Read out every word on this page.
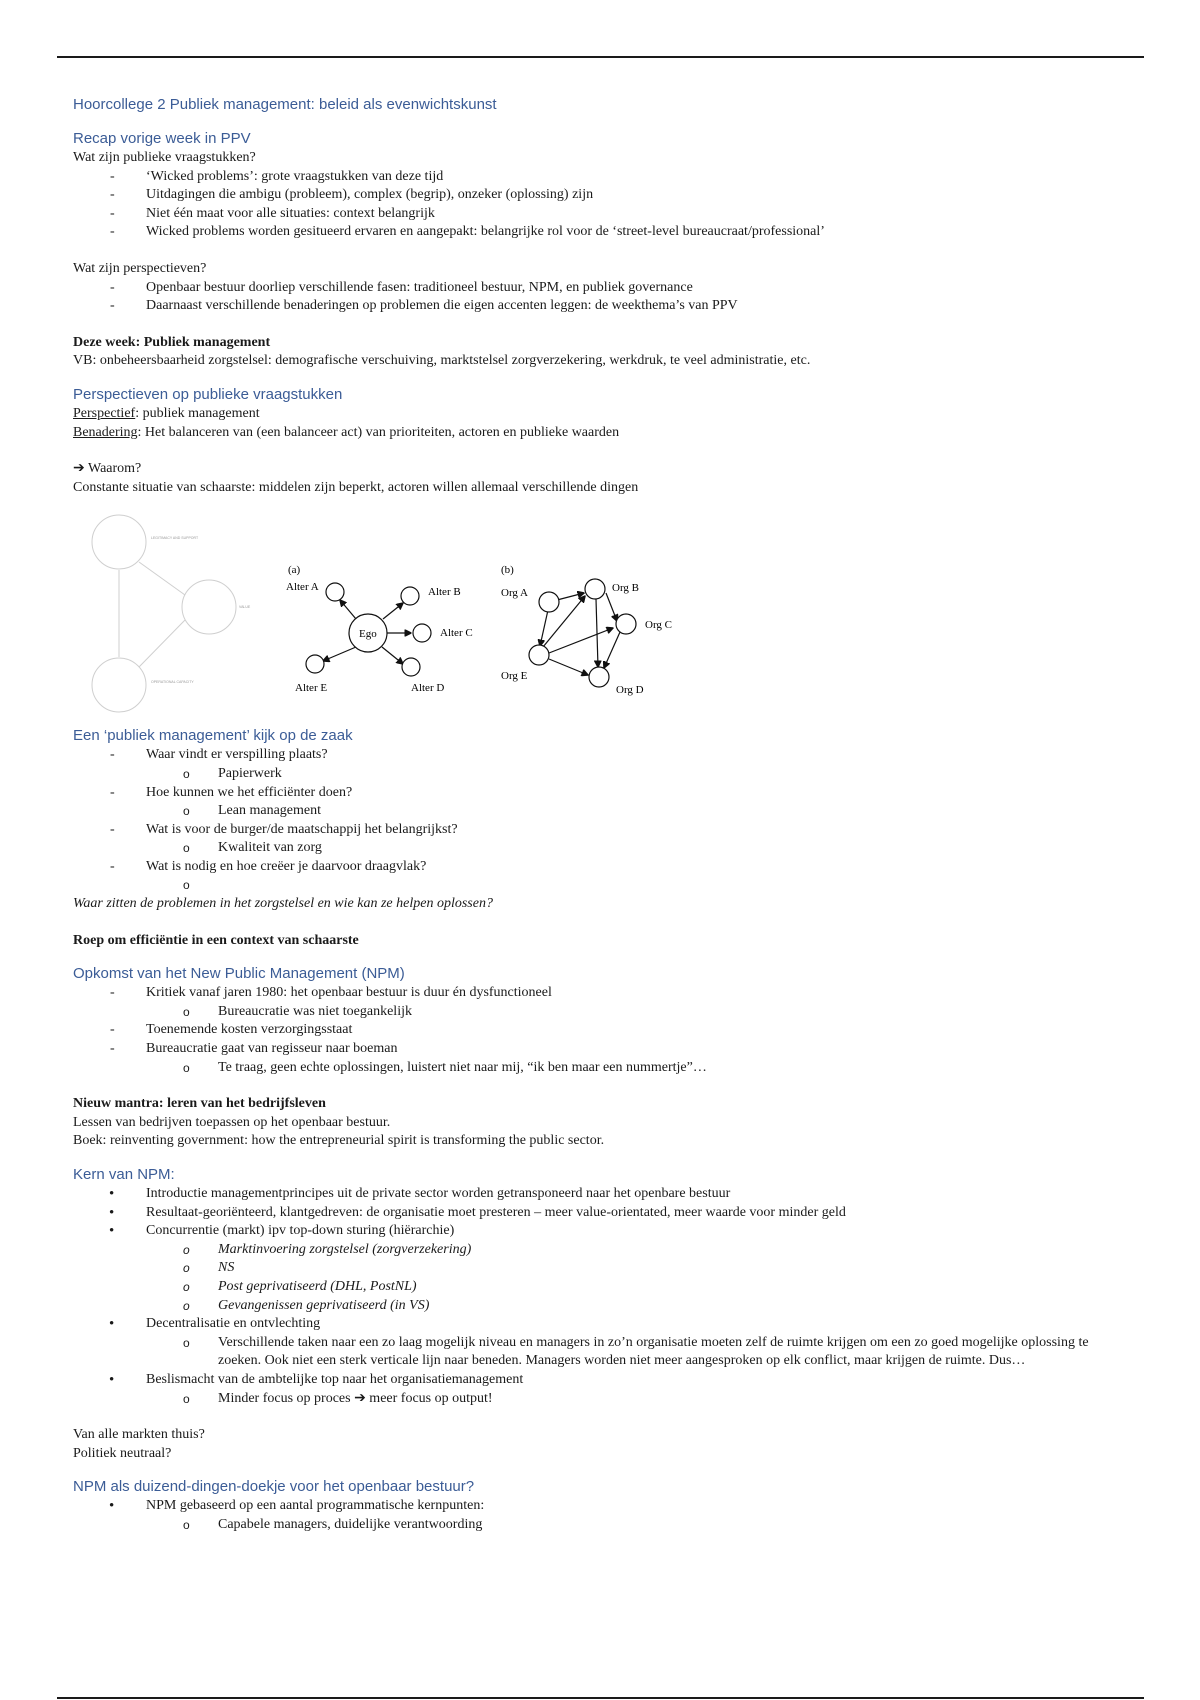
Hoorcollege 2 Publiek management: beleid als evenwichtskunst
Recap vorige week in PPV

Wat zijn publieke vraagstukken?

- ‘Wicked problems’: grote vraagstukken van deze tijd
- Uitdagingen die ambigu (probleem), complex (begrip), onzeker (oplossing) zijn
- Niet één maat voor alle situaties: context belangrijk
- Wicked problems worden gesitueerd ervaren en aangepakt: belangrijke rol voor de ‘street-level bureaucraat/professional’

Wat zijn perspectieven?

- Openbaar bestuur doorliep verschillende fasen: traditioneel bestuur, NPM, en publiek governance
- Daarnaast verschillende benaderingen op problemen die eigen accenten leggen: de weekthema’s van PPV

Deze week: Publiek management

VB: onbeheersbaarheid zorgstelsel: demografische verschuiving, marktstelsel zorgverzekering, werkdruk, te veel administratie, etc.

Perspectieven op publieke vraagstukken

Perspectief: publiek management

Benadering: Het balanceren van (een balanceer act) van prioriteiten, actoren en publieke waarden

➔ Waarom?

Constante situatie van schaarste: middelen zijn beperkt, actoren willen allemaal verschillende dingen

LEGITIMACY AND SUPPORT
VALUE
OPERATIONAL CAPACITY
(a)
Ego
Alter A	Alter B
Alter C
Alter D
Alter E
(b)
Org A	Org B
Org C
Org D
Org E
Een ‘publiek management’ kijk op de zaak
- Waar vindt er verspilling plaats?
o Papierwerk
- Hoe kunnen we het efficiënter doen?
o Lean management
- Wat is voor de burger/de maatschappij het belangrijkst?
o Kwaliteit van zorg
- Wat is nodig en hoe creëer je daarvoor draagvlak?
o

Waar zitten de problemen in het zorgstelsel en wie kan ze helpen oplossen?

Roep om efficiëntie in een context van schaarste

Opkomst van het New Public Management (NPM)
- Kritiek vanaf jaren 1980: het openbaar bestuur is duur én dysfunctioneel
o Bureaucratie was niet toegankelijk
- Toenemende kosten verzorgingsstaat
- Bureaucratie gaat van regisseur naar boeman
o Te traag, geen echte oplossingen, luistert niet naar mij, “ik ben maar een nummertje”…

Nieuw mantra: leren van het bedrijfsleven

Lessen van bedrijven toepassen op het openbaar bestuur.

Boek: reinventing government: how the entrepreneurial spirit is transforming the public sector.

Kern van NPM:
• Introductie managementprincipes uit de private sector worden getransponeerd naar het openbare bestuur
• Resultaat-georiënteerd, klantgedreven: de organisatie moet presteren – meer value-orientated, meer waarde voor minder geld
• Concurrentie (markt) ipv top-down sturing (hiërarchie)
o Marktinvoering zorgstelsel (zorgverzekering)
o NS
o Post geprivatiseerd (DHL, PostNL)
o Gevangenissen geprivatiseerd (in VS)
• Decentralisatie en ontvlechting
o Verschillende taken naar een zo laag mogelijk niveau en managers in zo’n organisatie moeten zelf de ruimte krijgen om een zo goed mogelijke oplossing te zoeken. Ook niet een sterk verticale lijn naar beneden. Managers worden niet meer aangesproken op elk conflict, maar krijgen de ruimte. Dus…
• Beslismacht van de ambtelijke top naar het organisatiemanagement
o Minder focus op proces ➔ meer focus op output!

Van alle markten thuis?

Politiek neutraal?

NPM als duizend-dingen-doekje voor het openbaar bestuur?
• NPM gebaseerd op een aantal programmatische kernpunten:
o Capabele managers, duidelijke verantwoording
